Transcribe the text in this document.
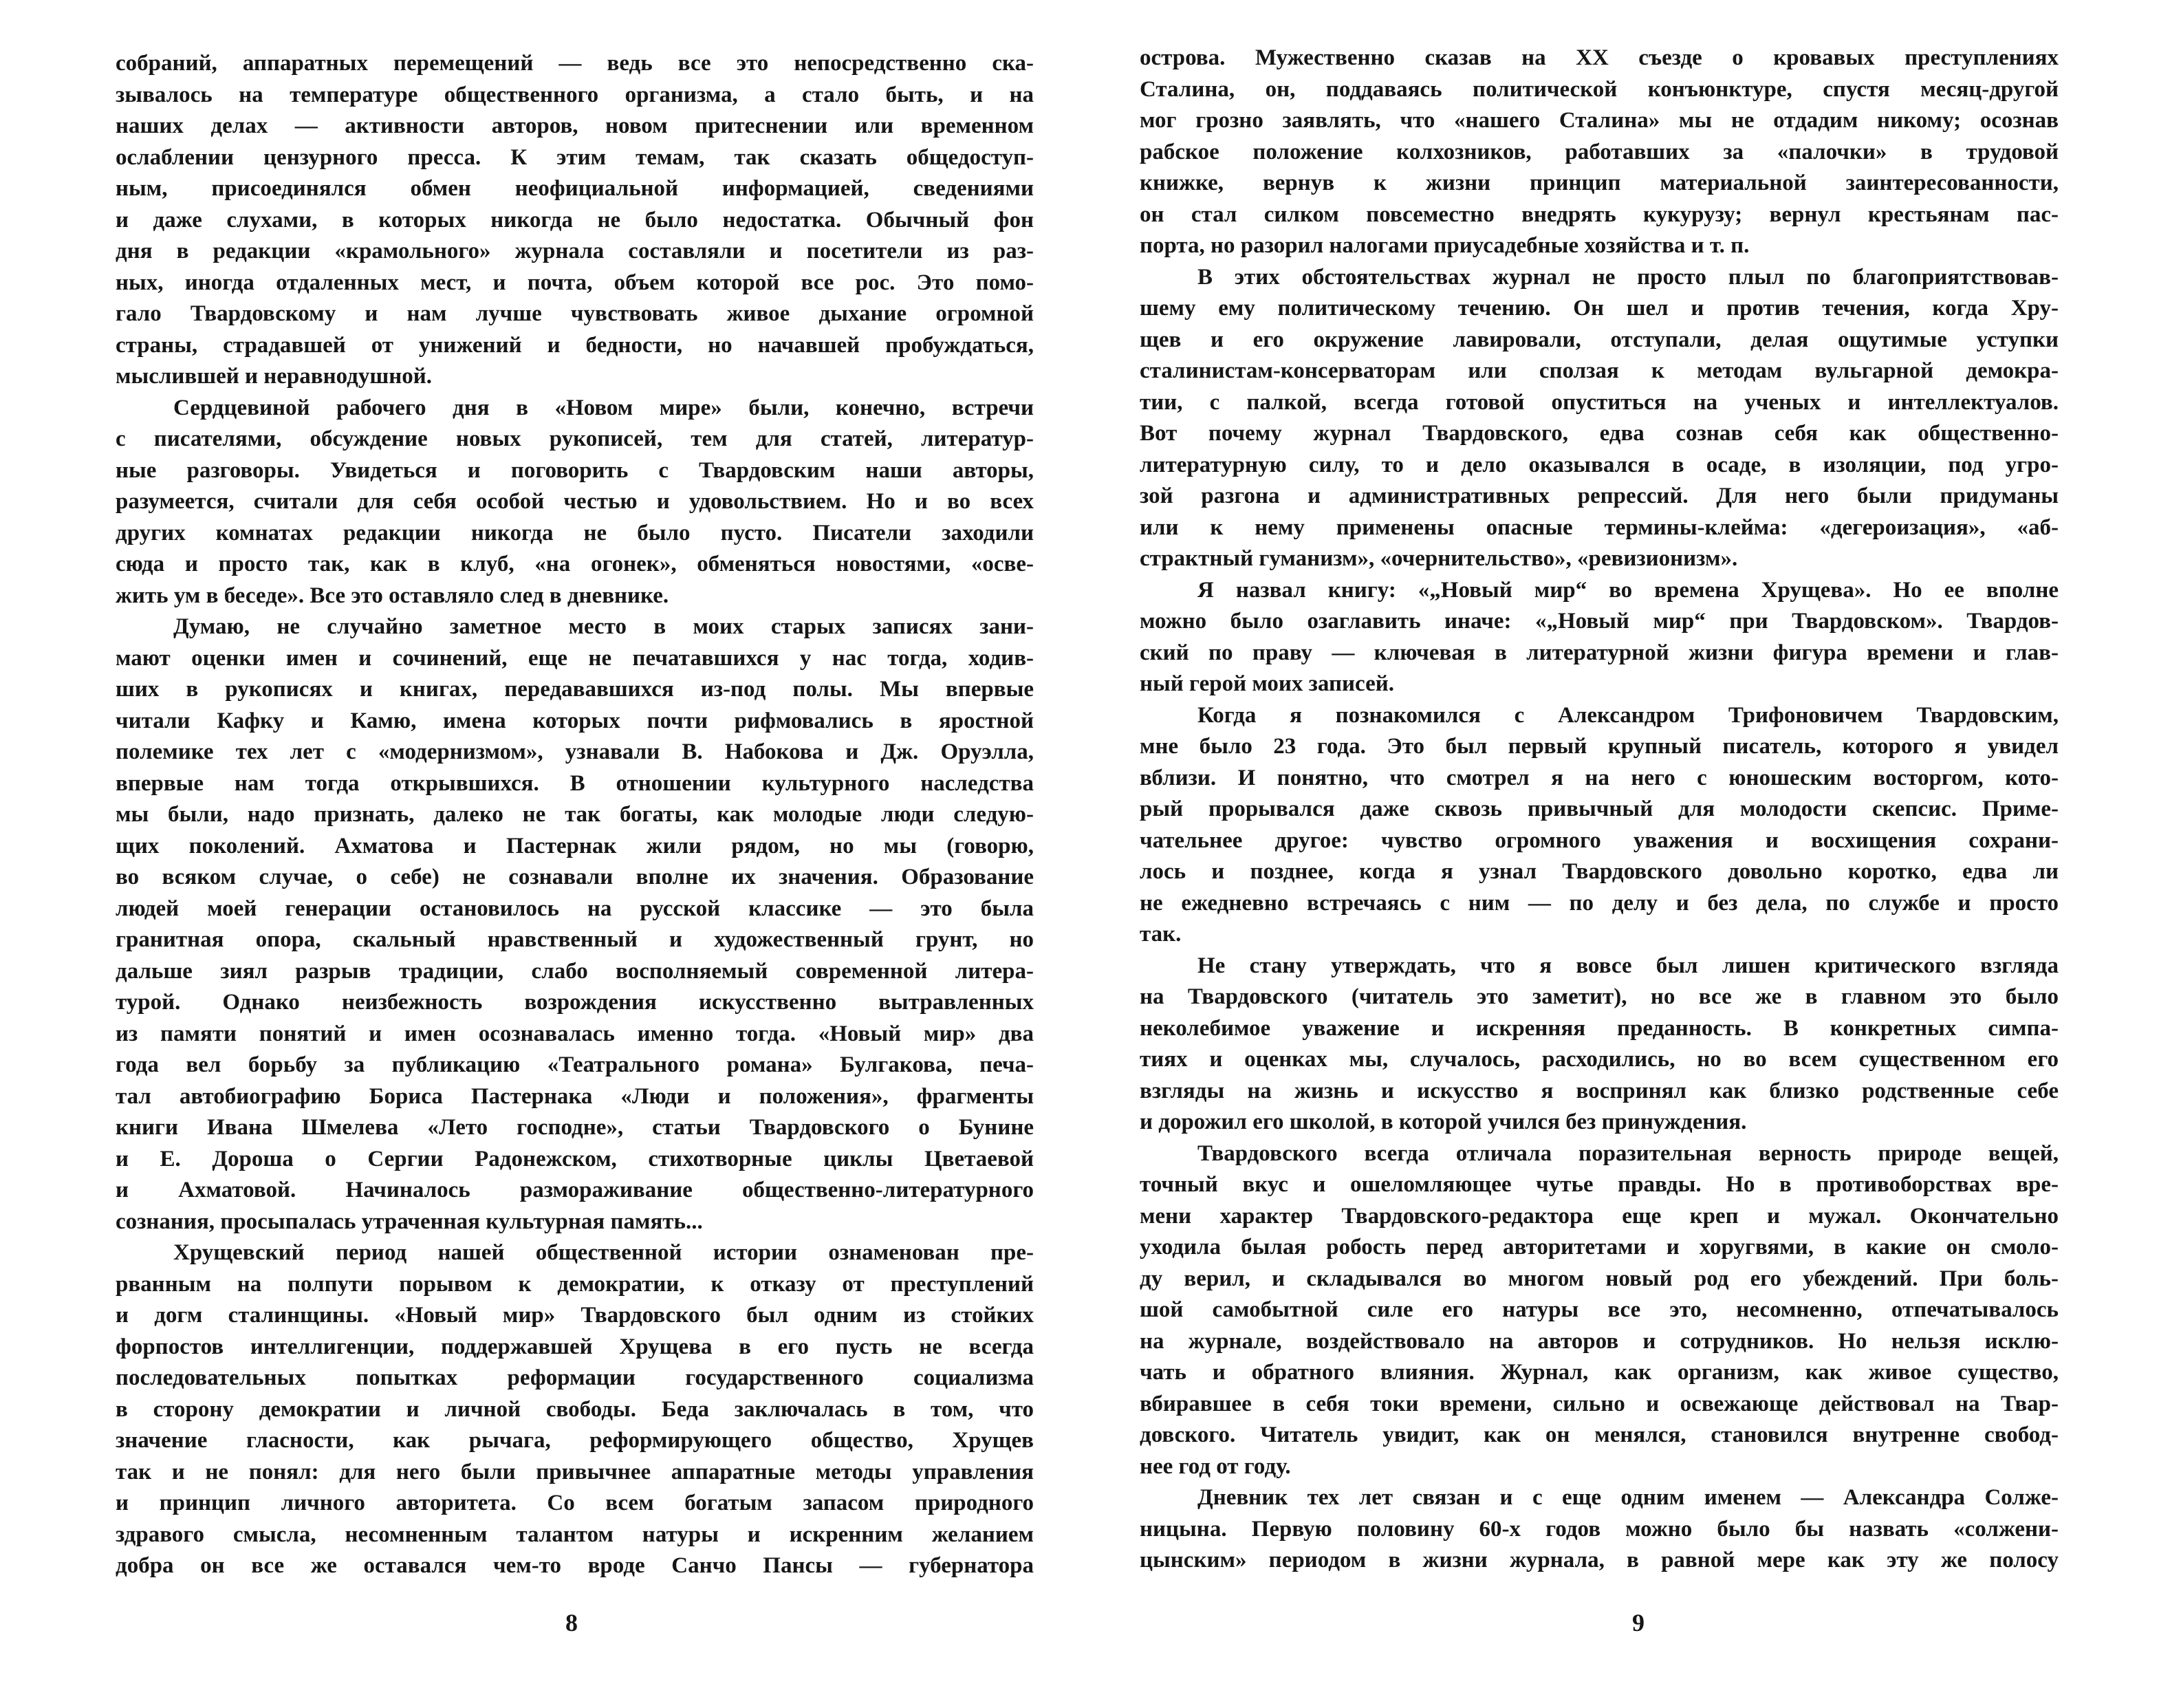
собраний, аппаратных перемещений — ведь все это непосредственно ска-
зывалось на температуре общественного организма, а стало быть, и на
наших делах — активности авторов, новом притеснении или временном
ослаблении цензурного пресса. К этим темам, так сказать общедоступ-
ным, присоединялся обмен неофициальной информацией, сведениями
и даже слухами, в которых никогда не было недостатка. Обычный фон
дня в редакции «крамольного» журнала составляли и посетители из раз-
ных, иногда отдаленных мест, и почта, объем которой все рос. Это помо-
гало Твардовскому и нам лучше чувствовать живое дыхание огромной
страны, страдавшей от унижений и бедности, но начавшей пробуждаться,
мыслившей и неравнодушной.
Сердцевиной рабочего дня в «Новом мире» были, конечно, встречи
с писателями, обсуждение новых рукописей, тем для статей, литератур-
ные разговоры. Увидеться и поговорить с Твардовским наши авторы,
разумеется, считали для себя особой честью и удовольствием. Но и во всех
других комнатах редакции никогда не было пусто. Писатели заходили
сюда и просто так, как в клуб, «на огонек», обменяться новостями, «осве-
жить ум в беседе». Все это оставляло след в дневнике.
Думаю, не случайно заметное место в моих старых записях зани-
мают оценки имен и сочинений, еще не печатавшихся у нас тогда, ходив-
ших в рукописях и книгах, передававшихся из-под полы. Мы впервые
читали Кафку и Камю, имена которых почти рифмовались в яростной
полемике тех лет с «модернизмом», узнавали В. Набокова и Дж. Оруэлла,
впервые нам тогда открывшихся. В отношении культурного наследства
мы были, надо признать, далеко не так богаты, как молодые люди следую-
щих поколений. Ахматова и Пастернак жили рядом, но мы (говорю,
во всяком случае, о себе) не сознавали вполне их значения. Образование
людей моей генерации остановилось на русской классике — это была
гранитная опора, скальный нравственный и художественный грунт, но
дальше зиял разрыв традиции, слабо восполняемый современной литера-
турой. Однако неизбежность возрождения искусственно вытравленных
из памяти понятий и имен осознавалась именно тогда. «Новый мир» два
года вел борьбу за публикацию «Театрального романа» Булгакова, печа-
тал автобиографию Бориса Пастернака «Люди и положения», фрагменты
книги Ивана Шмелева «Лето господне», статьи Твардовского о Бунине
и Е. Дороша о Сергии Радонежском, стихотворные циклы Цветаевой
и Ахматовой. Начиналось размораживание общественно-литературного
сознания, просыпалась утраченная культурная память...
Хрущевский период нашей общественной истории ознаменован пре-
рванным на полпути порывом к демократии, к отказу от преступлений
и догм сталинщины. «Новый мир» Твардовского был одним из стойких
форпостов интеллигенции, поддержавшей Хрущева в его пусть не всегда
последовательных попытках реформации государственного социализма
в сторону демократии и личной свободы. Беда заключалась в том, что
значение гласности, как рычага, реформирующего общество, Хрущев
так и не понял: для него были привычнее аппаратные методы управления
и принцип личного авторитета. Со всем богатым запасом природного
здравого смысла, несомненным талантом натуры и искренним желанием
добра он все же оставался чем-то вроде Санчо Пансы — губернатора
8
острова. Мужественно сказав на XX съезде о кровавых преступлениях
Сталина, он, поддаваясь политической конъюнктуре, спустя месяц-другой
мог грозно заявлять, что «нашего Сталина» мы не отдадим никому; осознав
рабское положение колхозников, работавших за «палочки» в трудовой
книжке, вернув к жизни принцип материальной заинтересованности,
он стал силком повсеместно внедрять кукурузу; вернул крестьянам пас-
порта, но разорил налогами приусадебные хозяйства и т. п.
В этих обстоятельствах журнал не просто плыл по благоприятствовав-
шему ему политическому течению. Он шел и против течения, когда Хру-
щев и его окружение лавировали, отступали, делая ощутимые уступки
сталинистам-консерваторам или сползая к методам вульгарной демокра-
тии, с палкой, всегда готовой опуститься на ученых и интеллектуалов.
Вот почему журнал Твардовского, едва сознав себя как общественно-
литературную силу, то и дело оказывался в осаде, в изоляции, под угро-
зой разгона и административных репрессий. Для него были придуманы
или к нему применены опасные термины-клейма: «дегероизация», «аб-
страктный гуманизм», «очернительство», «ревизионизм».
Я назвал книгу: «„Новый мир“ во времена Хрущева». Но ее вполне
можно было озаглавить иначе: «„Новый мир“ при Твардовском». Твардов-
ский по праву — ключевая в литературной жизни фигура времени и глав-
ный герой моих записей.
Когда я познакомился с Александром Трифоновичем Твардовским,
мне было 23 года. Это был первый крупный писатель, которого я увидел
вблизи. И понятно, что смотрел я на него с юношеским восторгом, кото-
рый прорывался даже сквозь привычный для молодости скепсис. Приме-
чательнее другое: чувство огромного уважения и восхищения сохрани-
лось и позднее, когда я узнал Твардовского довольно коротко, едва ли
не ежедневно встречаясь с ним — по делу и без дела, по службе и просто
так.
Не стану утверждать, что я вовсе был лишен критического взгляда
на Твардовского (читатель это заметит), но все же в главном это было
неколебимое уважение и искренняя преданность. В конкретных симпа-
тиях и оценках мы, случалось, расходились, но во всем существенном его
взгляды на жизнь и искусство я воспринял как близко родственные себе
и дорожил его школой, в которой учился без принуждения.
Твардовского всегда отличала поразительная верность природе вещей,
точный вкус и ошеломляющее чутье правды. Но в противоборствах вре-
мени характер Твардовского-редактора еще креп и мужал. Окончательно
уходила былая робость перед авторитетами и хоругвями, в какие он смоло-
ду верил, и складывался во многом новый род его убеждений. При боль-
шой самобытной силе его натуры все это, несомненно, отпечатывалось
на журнале, воздействовало на авторов и сотрудников. Но нельзя исклю-
чать и обратного влияния. Журнал, как организм, как живое существо,
вбиравшее в себя токи времени, сильно и освежающе действовал на Твар-
довского. Читатель увидит, как он менялся, становился внутренне свобод-
нее год от году.
Дневник тех лет связан и с еще одним именем — Александра Солже-
ницына. Первую половину 60-х годов можно было бы назвать «солжени-
цынским» периодом в жизни журнала, в равной мере как эту же полосу
9
